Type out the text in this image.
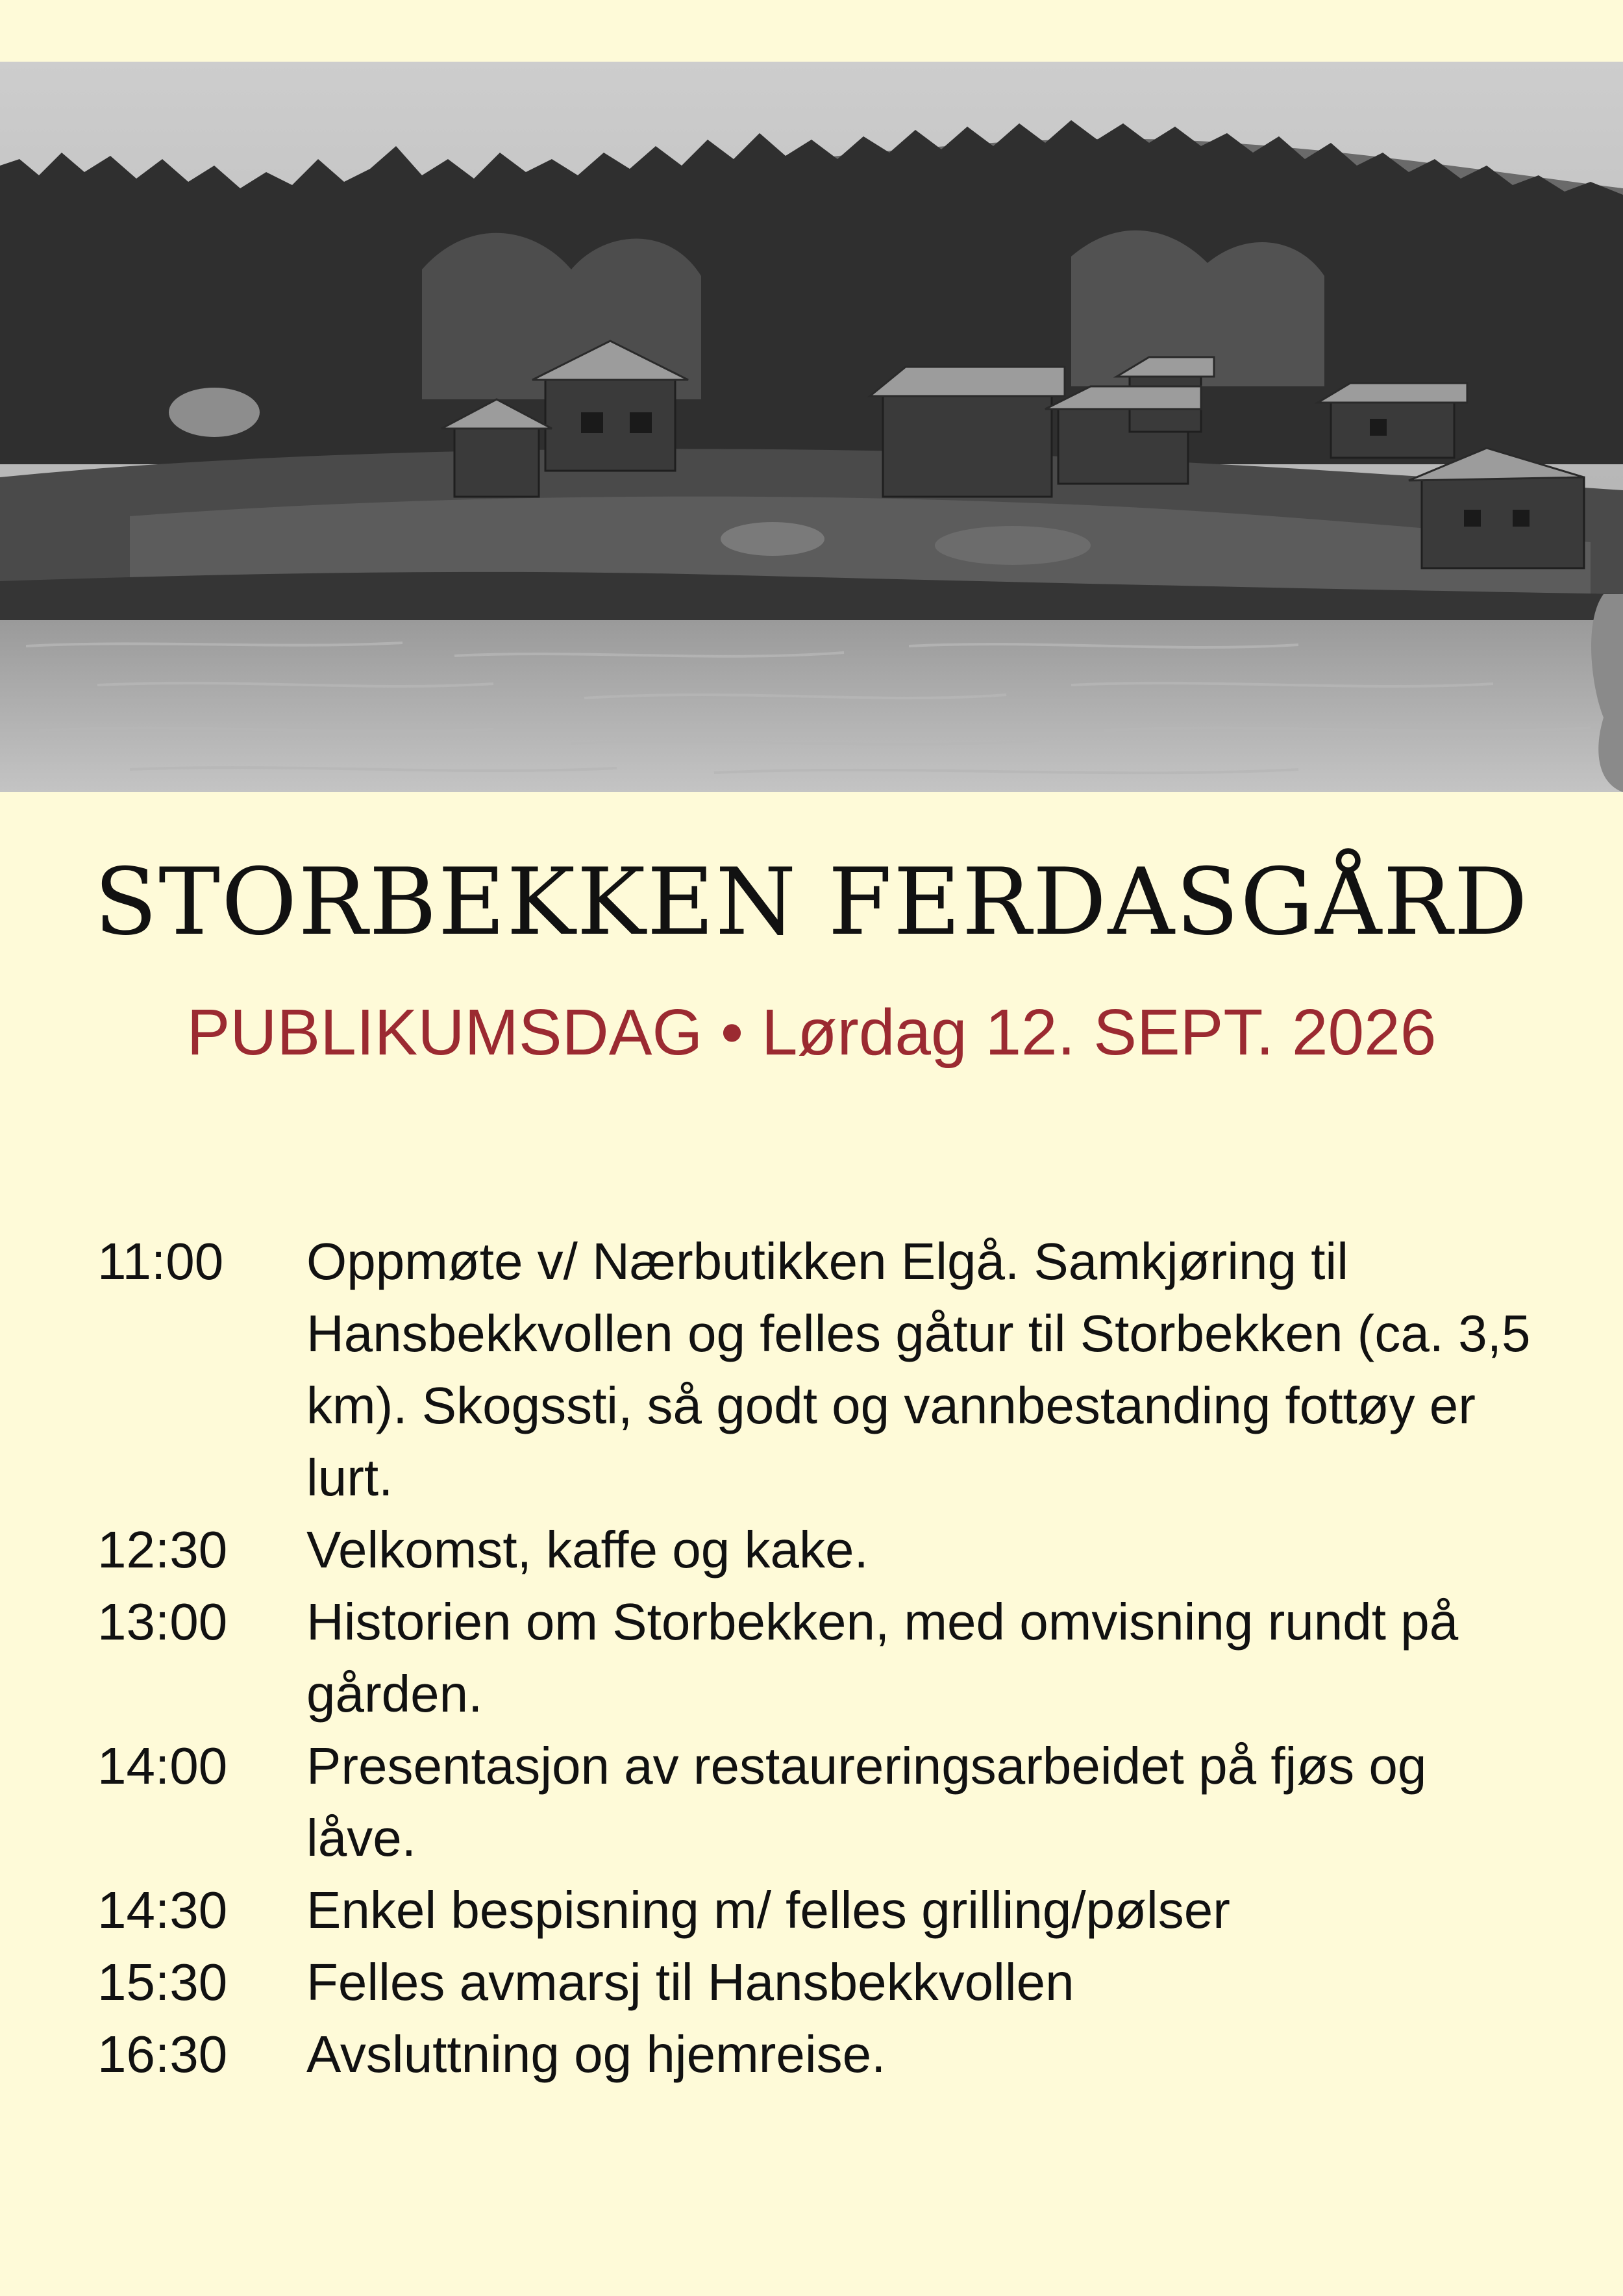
STORBEKKEN FERDASGÅRD

PUBLIKUMSDAG • Lørdag 12. SEPT. 2026

11:00	Oppmøte v/ Nærbutikken Elgå. Samkjøring til Hansbekkvollen og felles gåtur til Storbekken (ca. 3,5 km). Skogssti, så godt og vannbestanding fottøy er lurt.
12:30	Velkomst, kaffe og kake.
13:00	Historien om Storbekken, med omvisning rundt på gården.
14:00	Presentasjon av restaureringsarbeidet på fjøs og låve.
14:30	Enkel bespisning m/ felles grilling/pølser
15:30	Felles avmarsj til Hansbekkvollen
16:30	Avsluttning og hjemreise.
